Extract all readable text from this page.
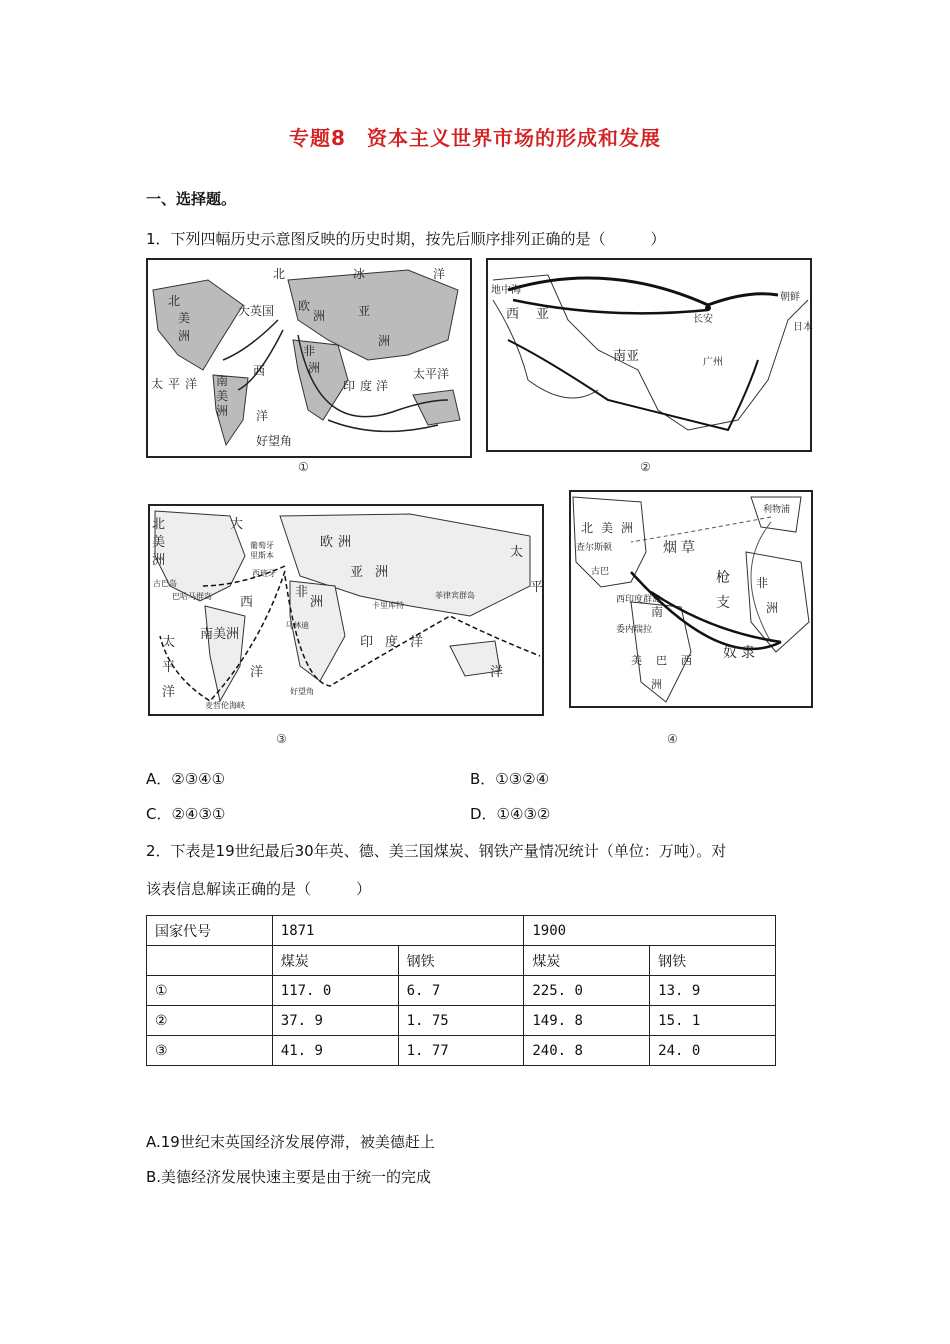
专题8　资本主义世界市场的形成和发展
一、选择题。
1．下列四幅历史示意图反映的历史时期，按先后顺序排列正确的是（　　　）
北	冰	洋
北
美
洲
大英国 欧
洲	亚
洲
非
洲
南
美
洲
西
洋
印 度 洋
太 平 洋
太平洋
好望角
①
地中海
西 亚
南亚
长安
广州
朝鲜
日本
②
北
美
洲
大
欧 洲
亚 洲
非
洲
西
南美洲
洋
葡萄牙
里斯本
西班牙
古巴岛
巴哈马群岛
马林迪
卡里库特
菲律宾群岛
印 度 洋
太
平
洋
太
平
洋
好望角
麦哲伦海峡
③
利物浦
北 美 洲
查尔斯顿	烟 草
古巴
西印度群岛
枪
支
南
委内瑞拉
非
洲
美 巴 西
洲
奴 隶
④
A．②③④①	B．①③②④
C．②④③①	D．①④③②
2．下表是19世纪最后30年英、德、美三国煤炭、钢铁产量情况统计（单位：万吨）。对
该表信息解读正确的是（　　　）
国家代号	1871		1900	
	煤炭	钢铁	煤炭	钢铁
①	117. 0	6. 7	225. 0	13. 9
②	37. 9	1. 75	149. 8	15. 1
③	41. 9	1. 77	240. 8	24. 0
A.19世纪末英国经济发展停滞，被美德赶上
B.美德经济发展快速主要是由于统一的完成
